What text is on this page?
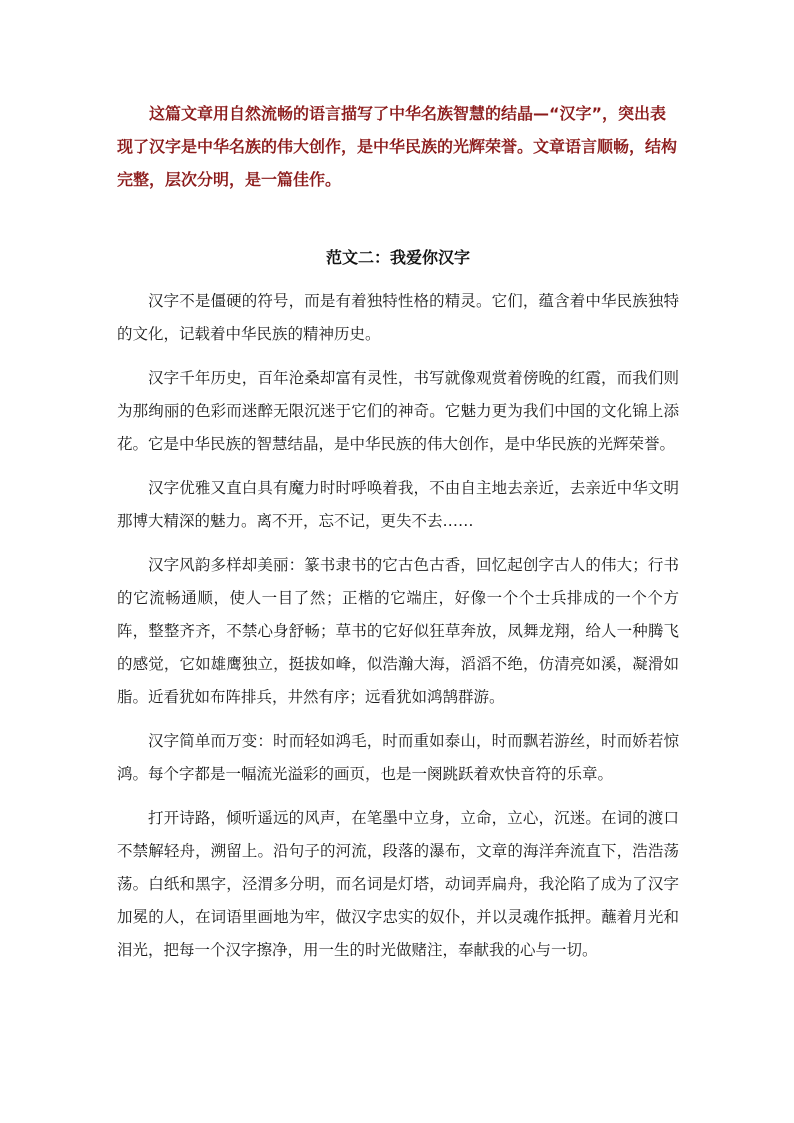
这篇文章用自然流畅的语言描写了中华名族智慧的结晶—“汉字”，突出表现了汉字是中华名族的伟大创作，是中华民族的光辉荣誉。文章语言顺畅，结构完整，层次分明，是一篇佳作。

范文二：我爱你汉字

汉字不是僵硬的符号，而是有着独特性格的精灵。它们，蕴含着中华民族独特的文化，记载着中华民族的精神历史。

汉字千年历史，百年沧桑却富有灵性，书写就像观赏着傍晚的红霞，而我们则为那绚丽的色彩而迷醉无限沉迷于它们的神奇。它魅力更为我们中国的文化锦上添花。它是中华民族的智慧结晶，是中华民族的伟大创作，是中华民族的光辉荣誉。

汉字优雅又直白具有魔力时时呼唤着我，不由自主地去亲近，去亲近中华文明那博大精深的魅力。离不开，忘不记，更失不去……

汉字风韵多样却美丽：篆书隶书的它古色古香，回忆起创字古人的伟大；行书的它流畅通顺，使人一目了然；正楷的它端庄，好像一个个士兵排成的一个个方阵，整整齐齐，不禁心身舒畅；草书的它好似狂草奔放，凤舞龙翔，给人一种腾飞的感觉，它如雄鹰独立，挺拔如峰，似浩瀚大海，滔滔不绝，仿清亮如溪，凝滑如脂。近看犹如布阵排兵，井然有序；远看犹如鸿鹄群游。

汉字简单而万变：时而轻如鸿毛，时而重如泰山，时而飘若游丝，时而娇若惊鸿。每个字都是一幅流光溢彩的画页，也是一阕跳跃着欢快音符的乐章。

打开诗路，倾听遥远的风声，在笔墨中立身，立命，立心，沉迷。在词的渡口不禁解轻舟，溯留上。沿句子的河流，段落的瀑布，文章的海洋奔流直下，浩浩荡荡。白纸和黑字，泾渭多分明，而名词是灯塔，动词弄扁舟，我沦陷了成为了汉字加冕的人，在词语里画地为牢，做汉字忠实的奴仆，并以灵魂作抵押。蘸着月光和泪光，把每一个汉字擦净，用一生的时光做赌注，奉献我的心与一切。
